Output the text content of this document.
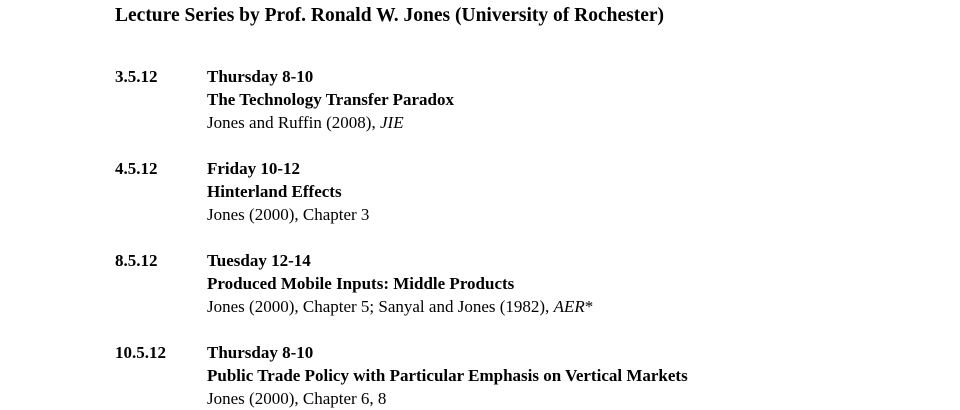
Lecture Series by Prof. Ronald W. Jones (University of Rochester)
3.5.12	Thursday 8-10
The Technology Transfer Paradox
Jones and Ruffin (2008), JIE
4.5.12	Friday 10-12
Hinterland Effects
Jones (2000), Chapter 3
8.5.12	Tuesday 12-14
Produced Mobile Inputs: Middle Products
Jones (2000), Chapter 5; Sanyal and Jones (1982), AER*
10.5.12 Thursday 8-10
Public Trade Policy with Particular Emphasis on Vertical Markets
Jones (2000), Chapter 6, 8
